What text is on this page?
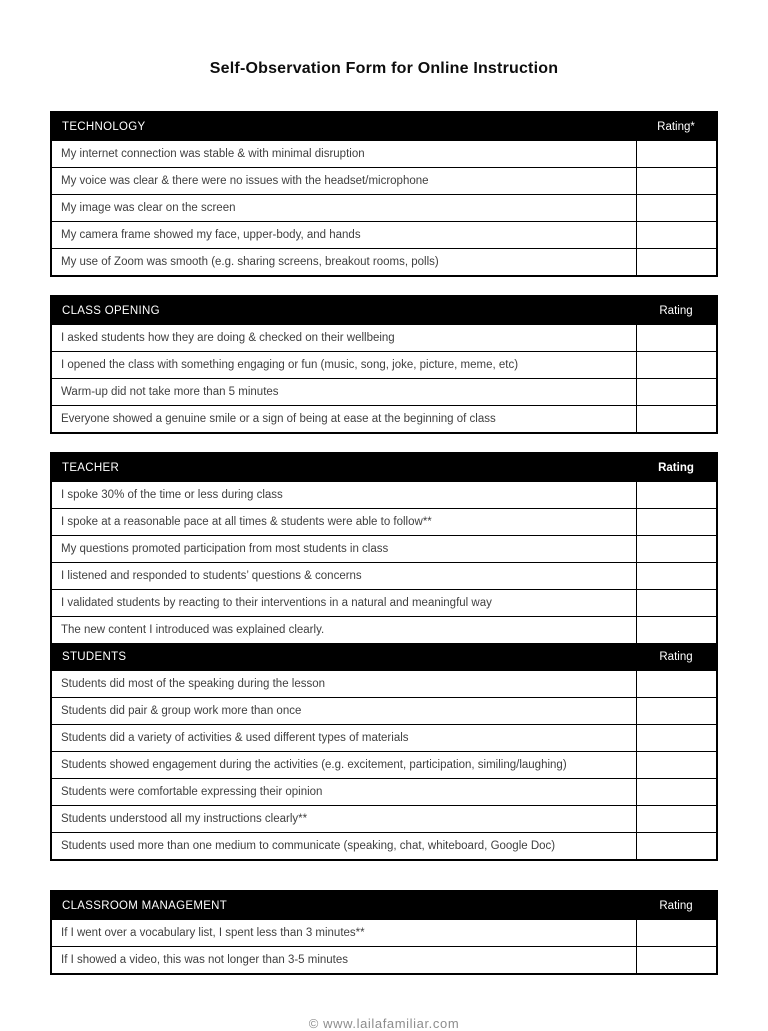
Self-Observation Form for Online Instruction
TECHNOLOGY	Rating*
My internet connection was stable & with minimal disruption
My voice was clear & there were no issues with the headset/microphone
My image was clear on the screen
My camera frame showed my face, upper-body, and hands
My use of Zoom was smooth (e.g. sharing screens, breakout rooms, polls)
CLASS OPENING	Rating
I asked students how they are doing & checked on their wellbeing
I opened the class with something engaging or fun (music, song, joke, picture, meme, etc)
Warm-up did not take more than 5 minutes
Everyone showed a genuine smile or a sign of being at ease at the beginning of class
TEACHER	Rating
I spoke 30% of the time or less during class
I spoke at a reasonable pace at all times & students were able to follow**
My questions promoted participation from most students in class
I listened and responded to students’ questions & concerns
I validated students by reacting to their interventions in a natural and meaningful way
The new content I introduced was explained clearly.
STUDENTS	Rating
Students did most of the speaking during the lesson
Students did pair & group work more than once
Students did a variety of activities & used different types of materials
Students showed engagement during the activities (e.g. excitement, participation, similing/laughing)
Students were comfortable expressing their opinion
Students understood all my instructions clearly**
Students used more than one medium to communicate (speaking, chat, whiteboard, Google Doc)
CLASSROOM MANAGEMENT	Rating
If I went over a vocabulary list, I spent less than 3 minutes**
If I showed a video, this was not longer than 3-5 minutes
© www.lailafamiliar.com
